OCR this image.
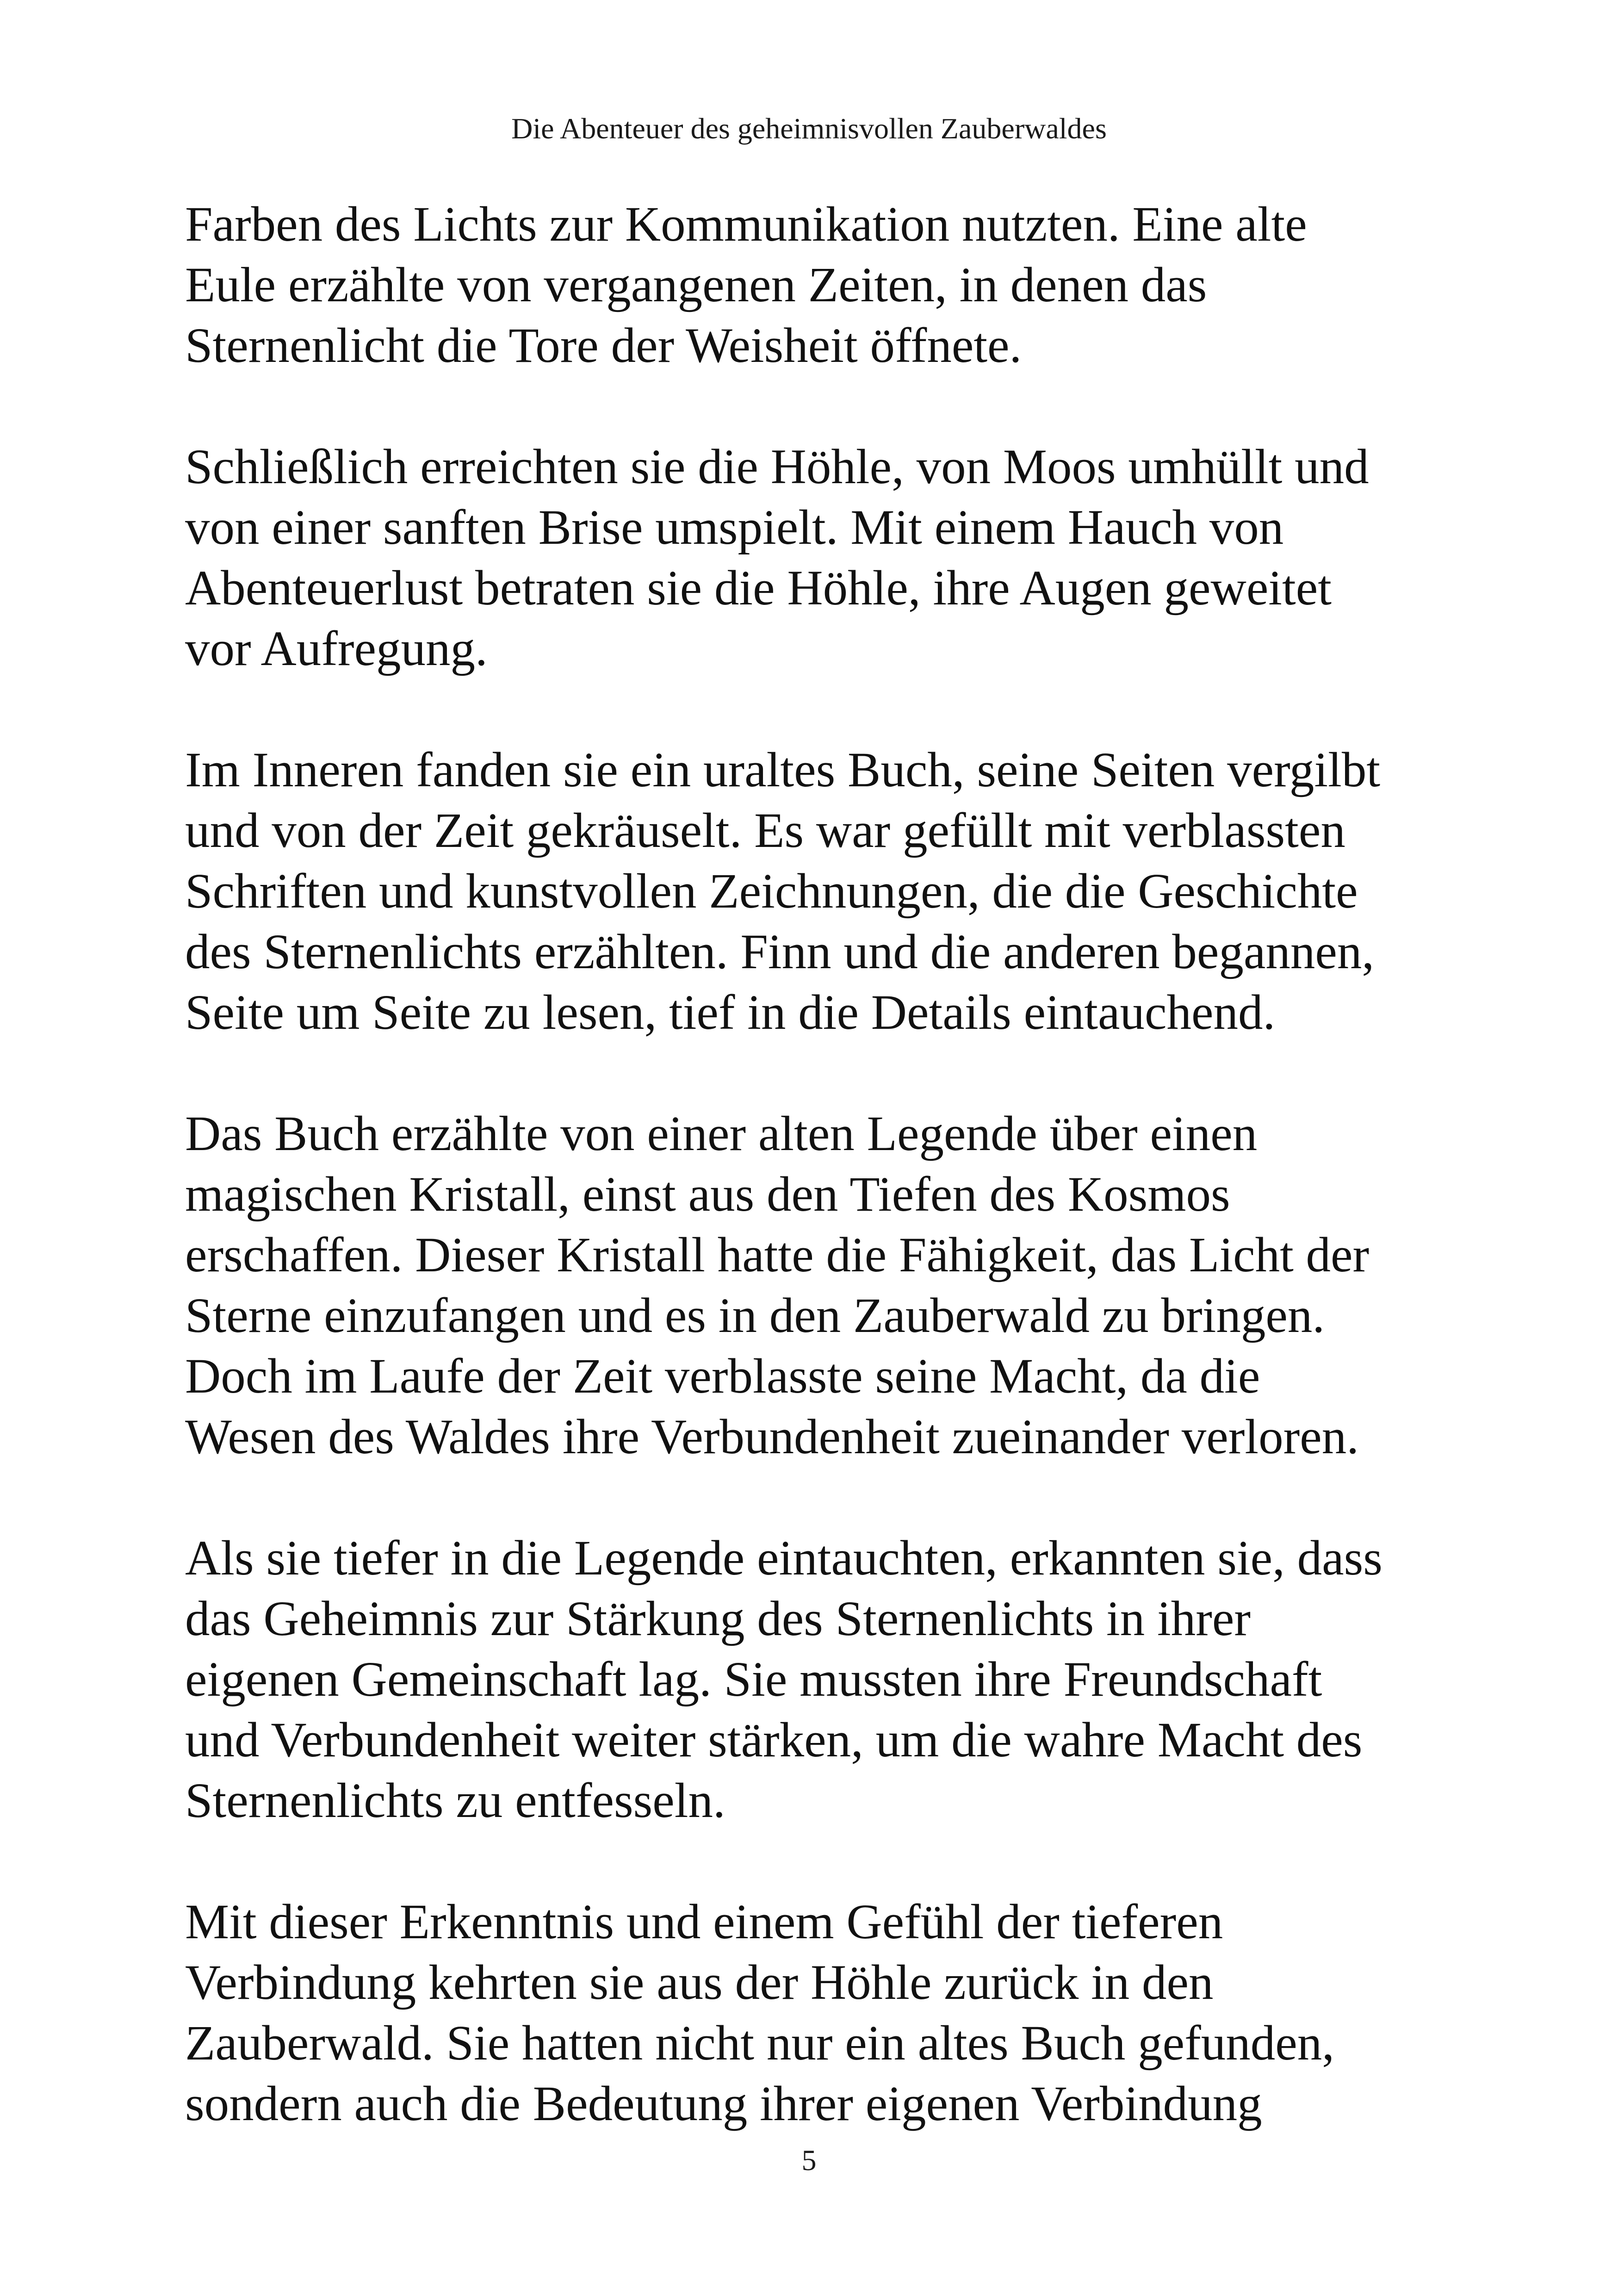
Die Abenteuer des geheimnisvollen Zauberwaldes

Farben des Lichts zur Kommunikation nutzten. Eine alte
Eule erzählte von vergangenen Zeiten, in denen das
Sternenlicht die Tore der Weisheit öffnete.

Schließlich erreichten sie die Höhle, von Moos umhüllt und
von einer sanften Brise umspielt. Mit einem Hauch von
Abenteuerlust betraten sie die Höhle, ihre Augen geweitet
vor Aufregung.

Im Inneren fanden sie ein uraltes Buch, seine Seiten vergilbt
und von der Zeit gekräuselt. Es war gefüllt mit verblassten
Schriften und kunstvollen Zeichnungen, die die Geschichte
des Sternenlichts erzählten. Finn und die anderen begannen,
Seite um Seite zu lesen, tief in die Details eintauchend.

Das Buch erzählte von einer alten Legende über einen
magischen Kristall, einst aus den Tiefen des Kosmos
erschaffen. Dieser Kristall hatte die Fähigkeit, das Licht der
Sterne einzufangen und es in den Zauberwald zu bringen.
Doch im Laufe der Zeit verblasste seine Macht, da die
Wesen des Waldes ihre Verbundenheit zueinander verloren.

Als sie tiefer in die Legende eintauchten, erkannten sie, dass
das Geheimnis zur Stärkung des Sternenlichts in ihrer
eigenen Gemeinschaft lag. Sie mussten ihre Freundschaft
und Verbundenheit weiter stärken, um die wahre Macht des
Sternenlichts zu entfesseln.

Mit dieser Erkenntnis und einem Gefühl der tieferen
Verbindung kehrten sie aus der Höhle zurück in den
Zauberwald. Sie hatten nicht nur ein altes Buch gefunden,
sondern auch die Bedeutung ihrer eigenen Verbindung

5
